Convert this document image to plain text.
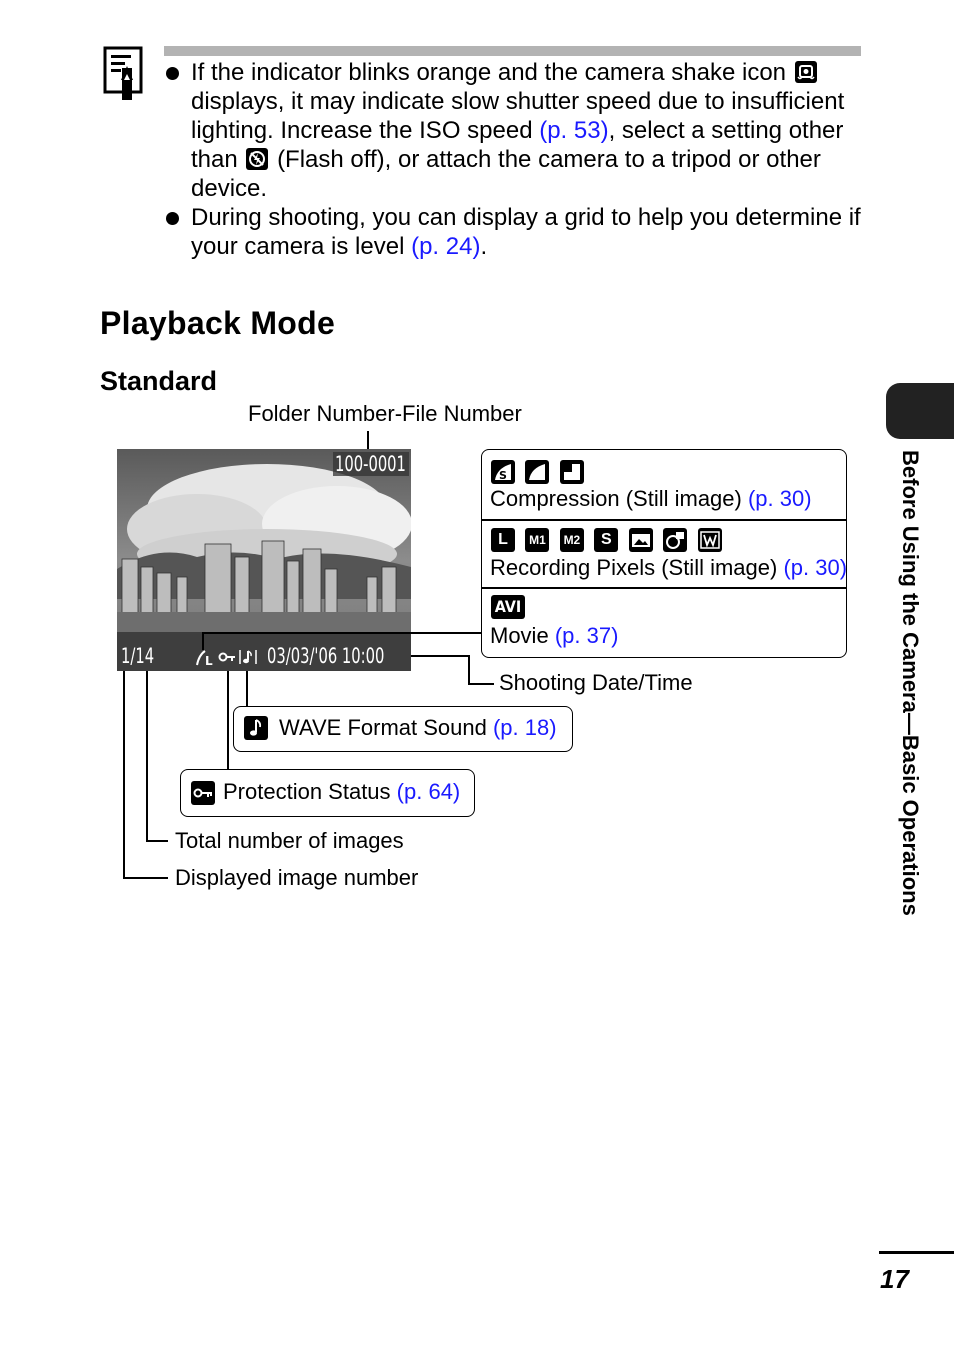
If the indicator blinks orange and the camera shake icon
displays, it may indicate slow shutter speed due to insufficient lighting. Increase the ISO speed (p. 53), select a setting other than (Flash off), or attach the camera to a tripod or other device.
During shooting, you can display a grid to help you determine if your camera is level (p. 24).
Playback Mode
Standard
Folder Number-File Number
100-0001
1/14	L	03/03/'06 10:00
S

Compression (Still image) (p. 30)
L M1 M2 S

Recording Pixels (Still image) (p. 30)
AVI
Movie (p. 37)
Shooting Date/Time
WAVE Format Sound (p. 18)
Protection Status (p. 64)
Total number of images
Displayed image number	Before Using the Camera—Basic Operations
17
